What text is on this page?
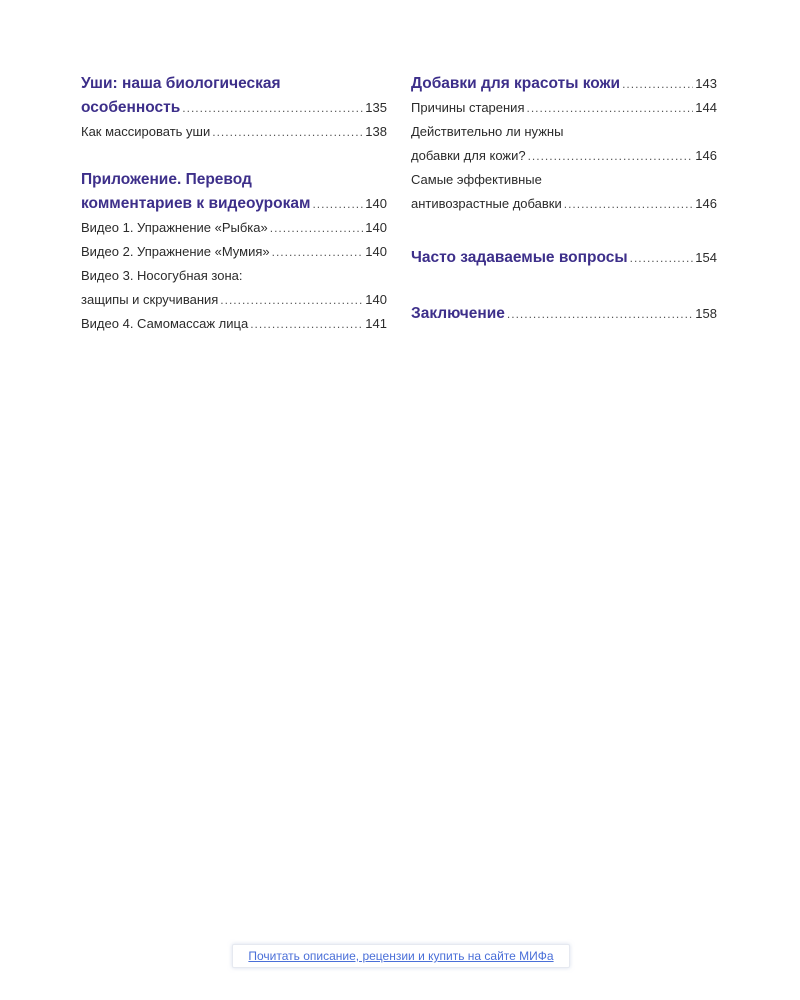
Уши: наша биологическая
особенность .....	135
Как массировать уши .....	138
Приложение. Перевод
комментариев к видеоурокам .....	140
Видео 1. Упражнение «Рыбка» .....	140
Видео 2. Упражнение «Мумия» .....	140
Видео 3. Носогубная зона:
защипы и скручивания .....	140
Видео 4. Самомассаж лица .....	141
Добавки для красоты кожи .....	143
Причины старения .....	144
Действительно ли нужны
добавки для кожи? .....	146
Самые эффективные
антивозрастные добавки .....	146
Часто задаваемые вопросы .....	154
Заключение .....	158
Почитать описание, рецензии и купить на сайте МИФа
